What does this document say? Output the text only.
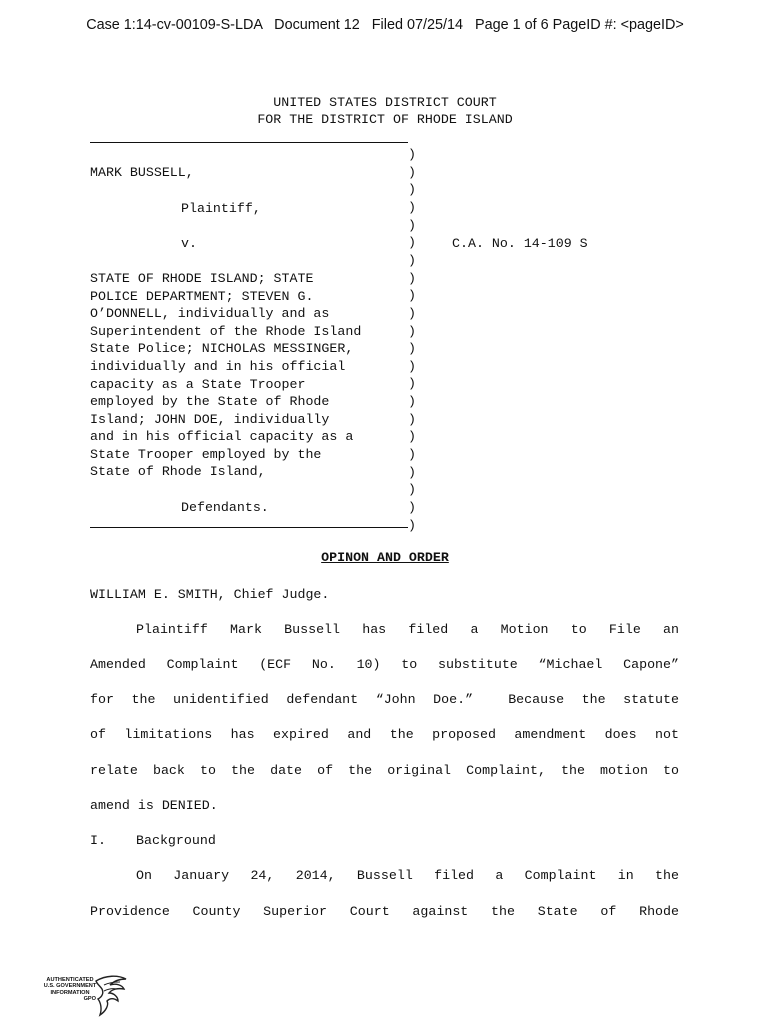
Case 1:14-cv-00109-S-LDA Document 12 Filed 07/25/14 Page 1 of 6 PageID #: <pageID>
UNITED STATES DISTRICT COURT
FOR THE DISTRICT OF RHODE ISLAND

MARK BUSSELL,

Plaintiff,

v.

	C.A. No. 14-109 S

STATE OF RHODE ISLAND; STATE

POLICE DEPARTMENT; STEVEN G.

O’DONNELL, individually and as

Superintendent of the Rhode Island

State Police; NICHOLAS MESSINGER,

individually and in his official

capacity as a State Trooper

employed by the State of Rhode

Island; JOHN DOE, individually

and in his official capacity as a

State Trooper employed by the

State of Rhode Island,

Defendants.

)
)
)
)
)
)
)
)
)
)
)
)
)
)
)
)
)
)
)
)
)
)

OPINON AND ORDER
WILLIAM E. SMITH, Chief Judge.
Plaintiff Mark Bussell has filed a Motion to File an
Amended Complaint (ECF No. 10) to substitute “Michael Capone”
for the unidentified defendant “John Doe.”  Because the statute
of limitations has expired and the proposed amendment does not
relate back to the date of the original Complaint, the motion to
amend is DENIED.
I. Background
On January 24, 2014, Bussell filed a Complaint in the
Providence County Superior Court against the State of Rhode
AUTHENTICATED
U.S. GOVERNMENT
INFORMATION
GPO
